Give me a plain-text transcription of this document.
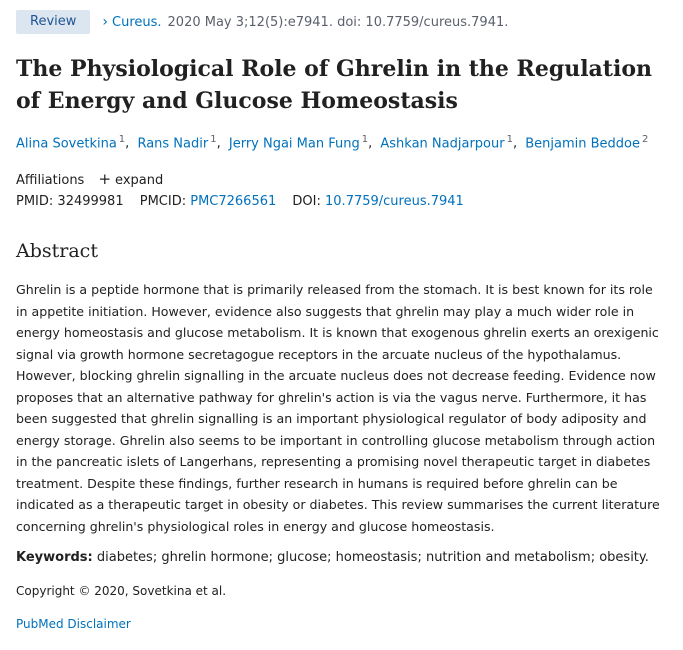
Review	› Cureus. 2020 May 3;12(5):e7941. doi: 10.7759/cureus.7941.
The Physiological Role of Ghrelin in the Regulation of Energy and Glucose Homeostasis
Alina Sovetkina $^1$, Rans Nadir $^1$, Jerry Ngai Man Fung $^1$, Ashkan Nadjarpour $^1$, Benjamin Beddoe $^2$
Affiliations + expand
PMID: 32499981 PMCID: PMC7266561 DOI: 10.7759/cureus.7941
Abstract

Ghrelin is a peptide hormone that is primarily released from the stomach. It is best known for its role in appetite initiation. However, evidence also suggests that ghrelin may play a much wider role in energy homeostasis and glucose metabolism. It is known that exogenous ghrelin exerts an orexigenic signal via growth hormone secretagogue receptors in the arcuate nucleus of the hypothalamus. However, blocking ghrelin signalling in the arcuate nucleus does not decrease feeding. Evidence now proposes that an alternative pathway for ghrelin's action is via the vagus nerve. Furthermore, it has been suggested that ghrelin signalling is an important physiological regulator of body adiposity and energy storage. Ghrelin also seems to be important in controlling glucose metabolism through action in the pancreatic islets of Langerhans, representing a promising novel therapeutic target in diabetes treatment. Despite these findings, further research in humans is required before ghrelin can be indicated as a therapeutic target in obesity or diabetes. This review summarises the current literature concerning ghrelin's physiological roles in energy and glucose homeostasis.

Keywords: diabetes; ghrelin hormone; glucose; homeostasis; nutrition and metabolism; obesity.
Copyright © 2020, Sovetkina et al.
PubMed Disclaimer
